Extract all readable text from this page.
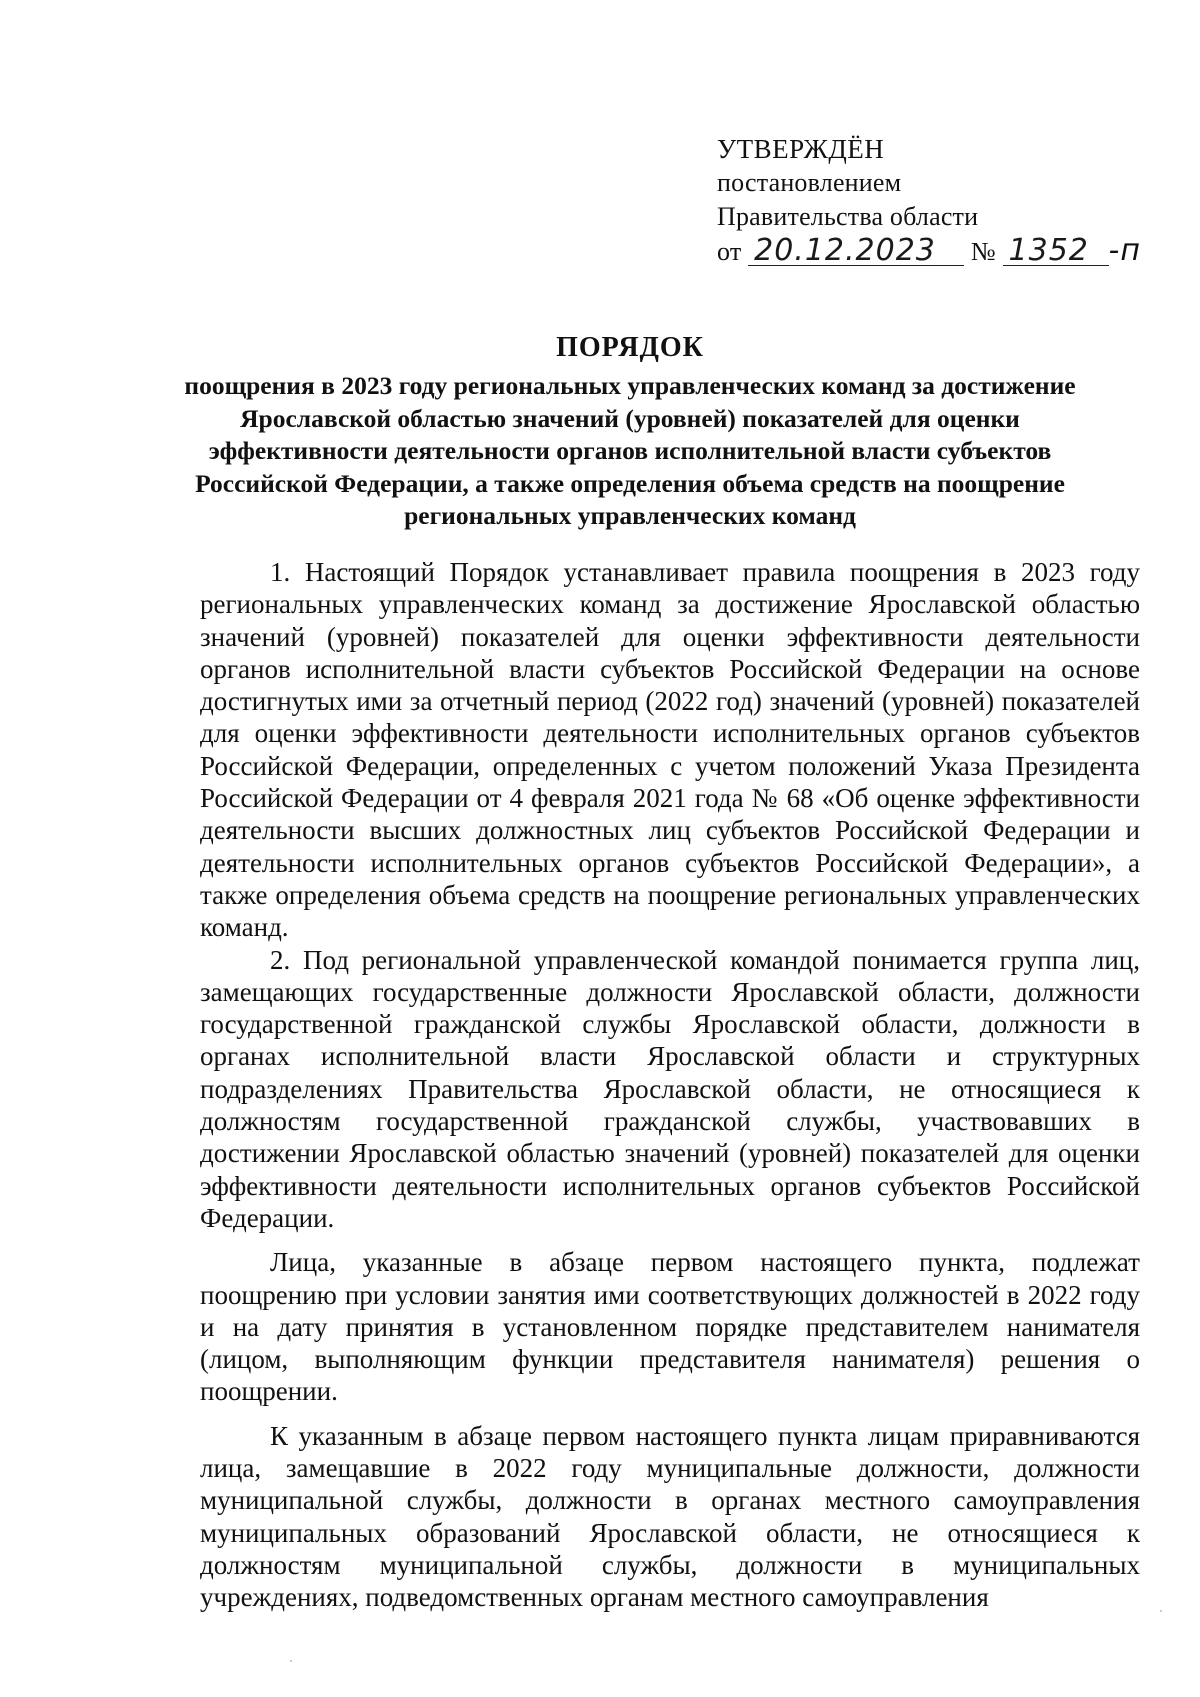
УТВЕРЖДЁН
постановлением
Правительства области
от 20.12.2023 № 1352 -п
ПОРЯДОК
поощрения в 2023 году региональных управленческих команд за достижение Ярославской областью значений (уровней) показателей для оценки эффективности деятельности органов исполнительной власти субъектов Российской Федерации, а также определения объема средств на поощрение региональных управленческих команд

1. Настоящий Порядок устанавливает правила поощрения в 2023 году региональных управленческих команд за достижение Ярославской областью значений (уровней) показателей для оценки эффективности деятельности органов исполнительной власти субъектов Российской Федерации на основе достигнутых ими за отчетный период (2022 год) значений (уровней) показателей для оценки эффективности деятельности исполнительных органов субъектов Российской Федерации, определенных с учетом положений Указа Президента Российской Федерации от 4 февраля 2021 года № 68 «Об оценке эффективности деятельности высших должностных лиц субъектов Российской Федерации и деятельности исполнительных органов субъектов Российской Федерации», а также определения объема средств на поощрение региональных управленческих команд.

2. Под региональной управленческой командой понимается группа лиц, замещающих государственные должности Ярославской области, должности государственной гражданской службы Ярославской области, должности в органах исполнительной власти Ярославской области и структурных подразделениях Правительства Ярославской области, не относящиеся к должностям государственной гражданской службы, участвовавших в достижении Ярославской областью значений (уровней) показателей для оценки эффективности деятельности исполнительных органов субъектов Российской Федерации.

Лица, указанные в абзаце первом настоящего пункта, подлежат поощрению при условии занятия ими соответствующих должностей в 2022 году и на дату принятия в установленном порядке представителем нанимателя (лицом, выполняющим функции представителя нанимателя) решения о поощрении.

К указанным в абзаце первом настоящего пункта лицам приравниваются лица, замещавшие в 2022 году муниципальные должности, должности муниципальной службы, должности в органах местного самоуправления муниципальных образований Ярославской области, не относящиеся к должностям муниципальной службы, должности в муниципальных учреждениях, подведомственных органам местного самоуправления
